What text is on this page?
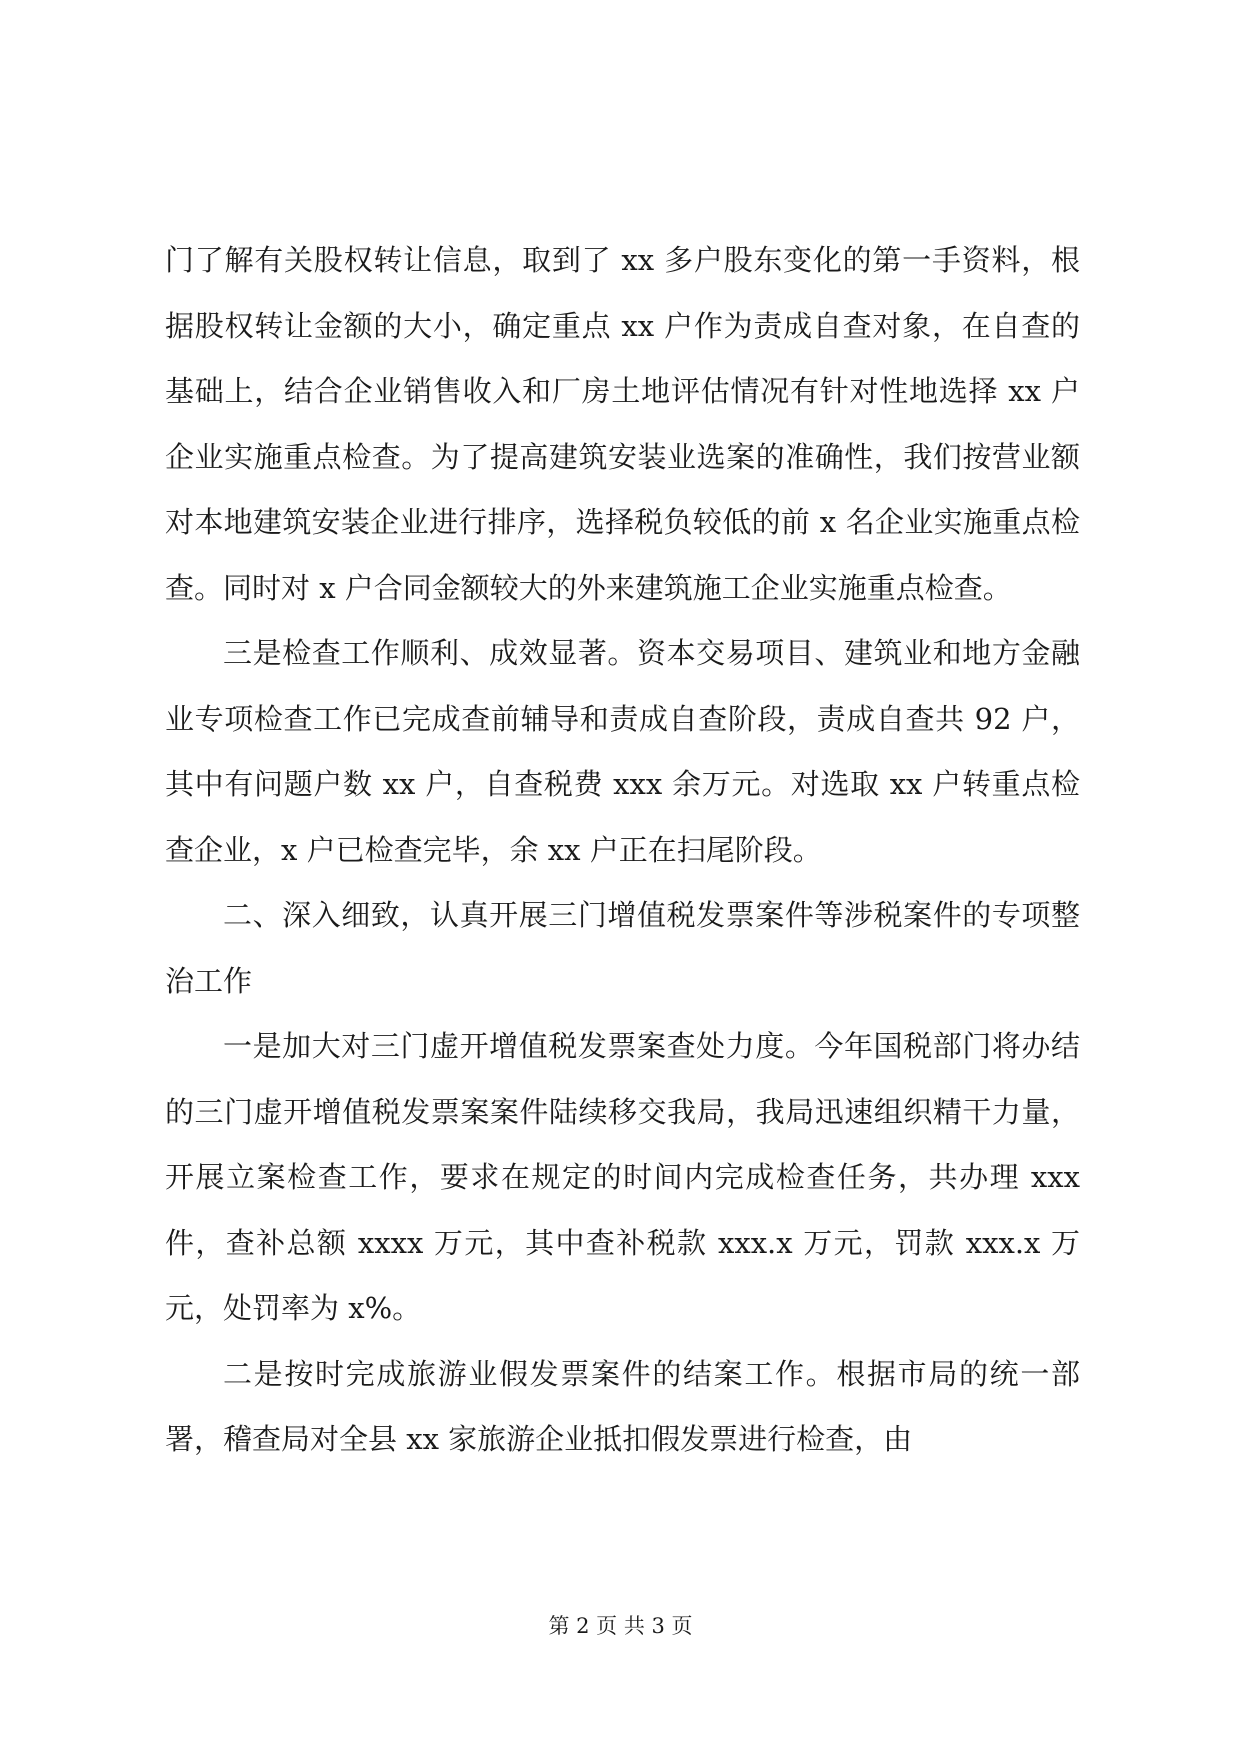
门了解有关股权转让信息，取到了 xx 多户股东变化的第一手资料，根据股权转让金额的大小，确定重点 xx 户作为责成自查对象，在自查的基础上，结合企业销售收入和厂房土地评估情况有针对性地选择 xx 户企业实施重点检查。为了提高建筑安装业选案的准确性，我们按营业额对本地建筑安装企业进行排序，选择税负较低的前 x 名企业实施重点检查。同时对 x 户合同金额较大的外来建筑施工企业实施重点检查。

三是检查工作顺利、成效显著。资本交易项目、建筑业和地方金融业专项检查工作已完成查前辅导和责成自查阶段，责成自查共 92 户，其中有问题户数 xx 户，自查税费 xxx 余万元。对选取 xx 户转重点检查企业，x 户已检查完毕，余 xx 户正在扫尾阶段。

二、深入细致，认真开展三门增值税发票案件等涉税案件的专项整治工作

一是加大对三门虚开增值税发票案查处力度。今年国税部门将办结的三门虚开增值税发票案案件陆续移交我局，我局迅速组织精干力量，开展立案检查工作，要求在规定的时间内完成检查任务，共办理 xxx 件，查补总额 xxxx 万元，其中查补税款 xxx.x 万元，罚款 xxx.x 万元，处罚率为 x%。

二是按时完成旅游业假发票案件的结案工作。根据市局的统一部署，稽查局对全县 xx 家旅游企业抵扣假发票进行检查，由

第 2 页 共 3 页
